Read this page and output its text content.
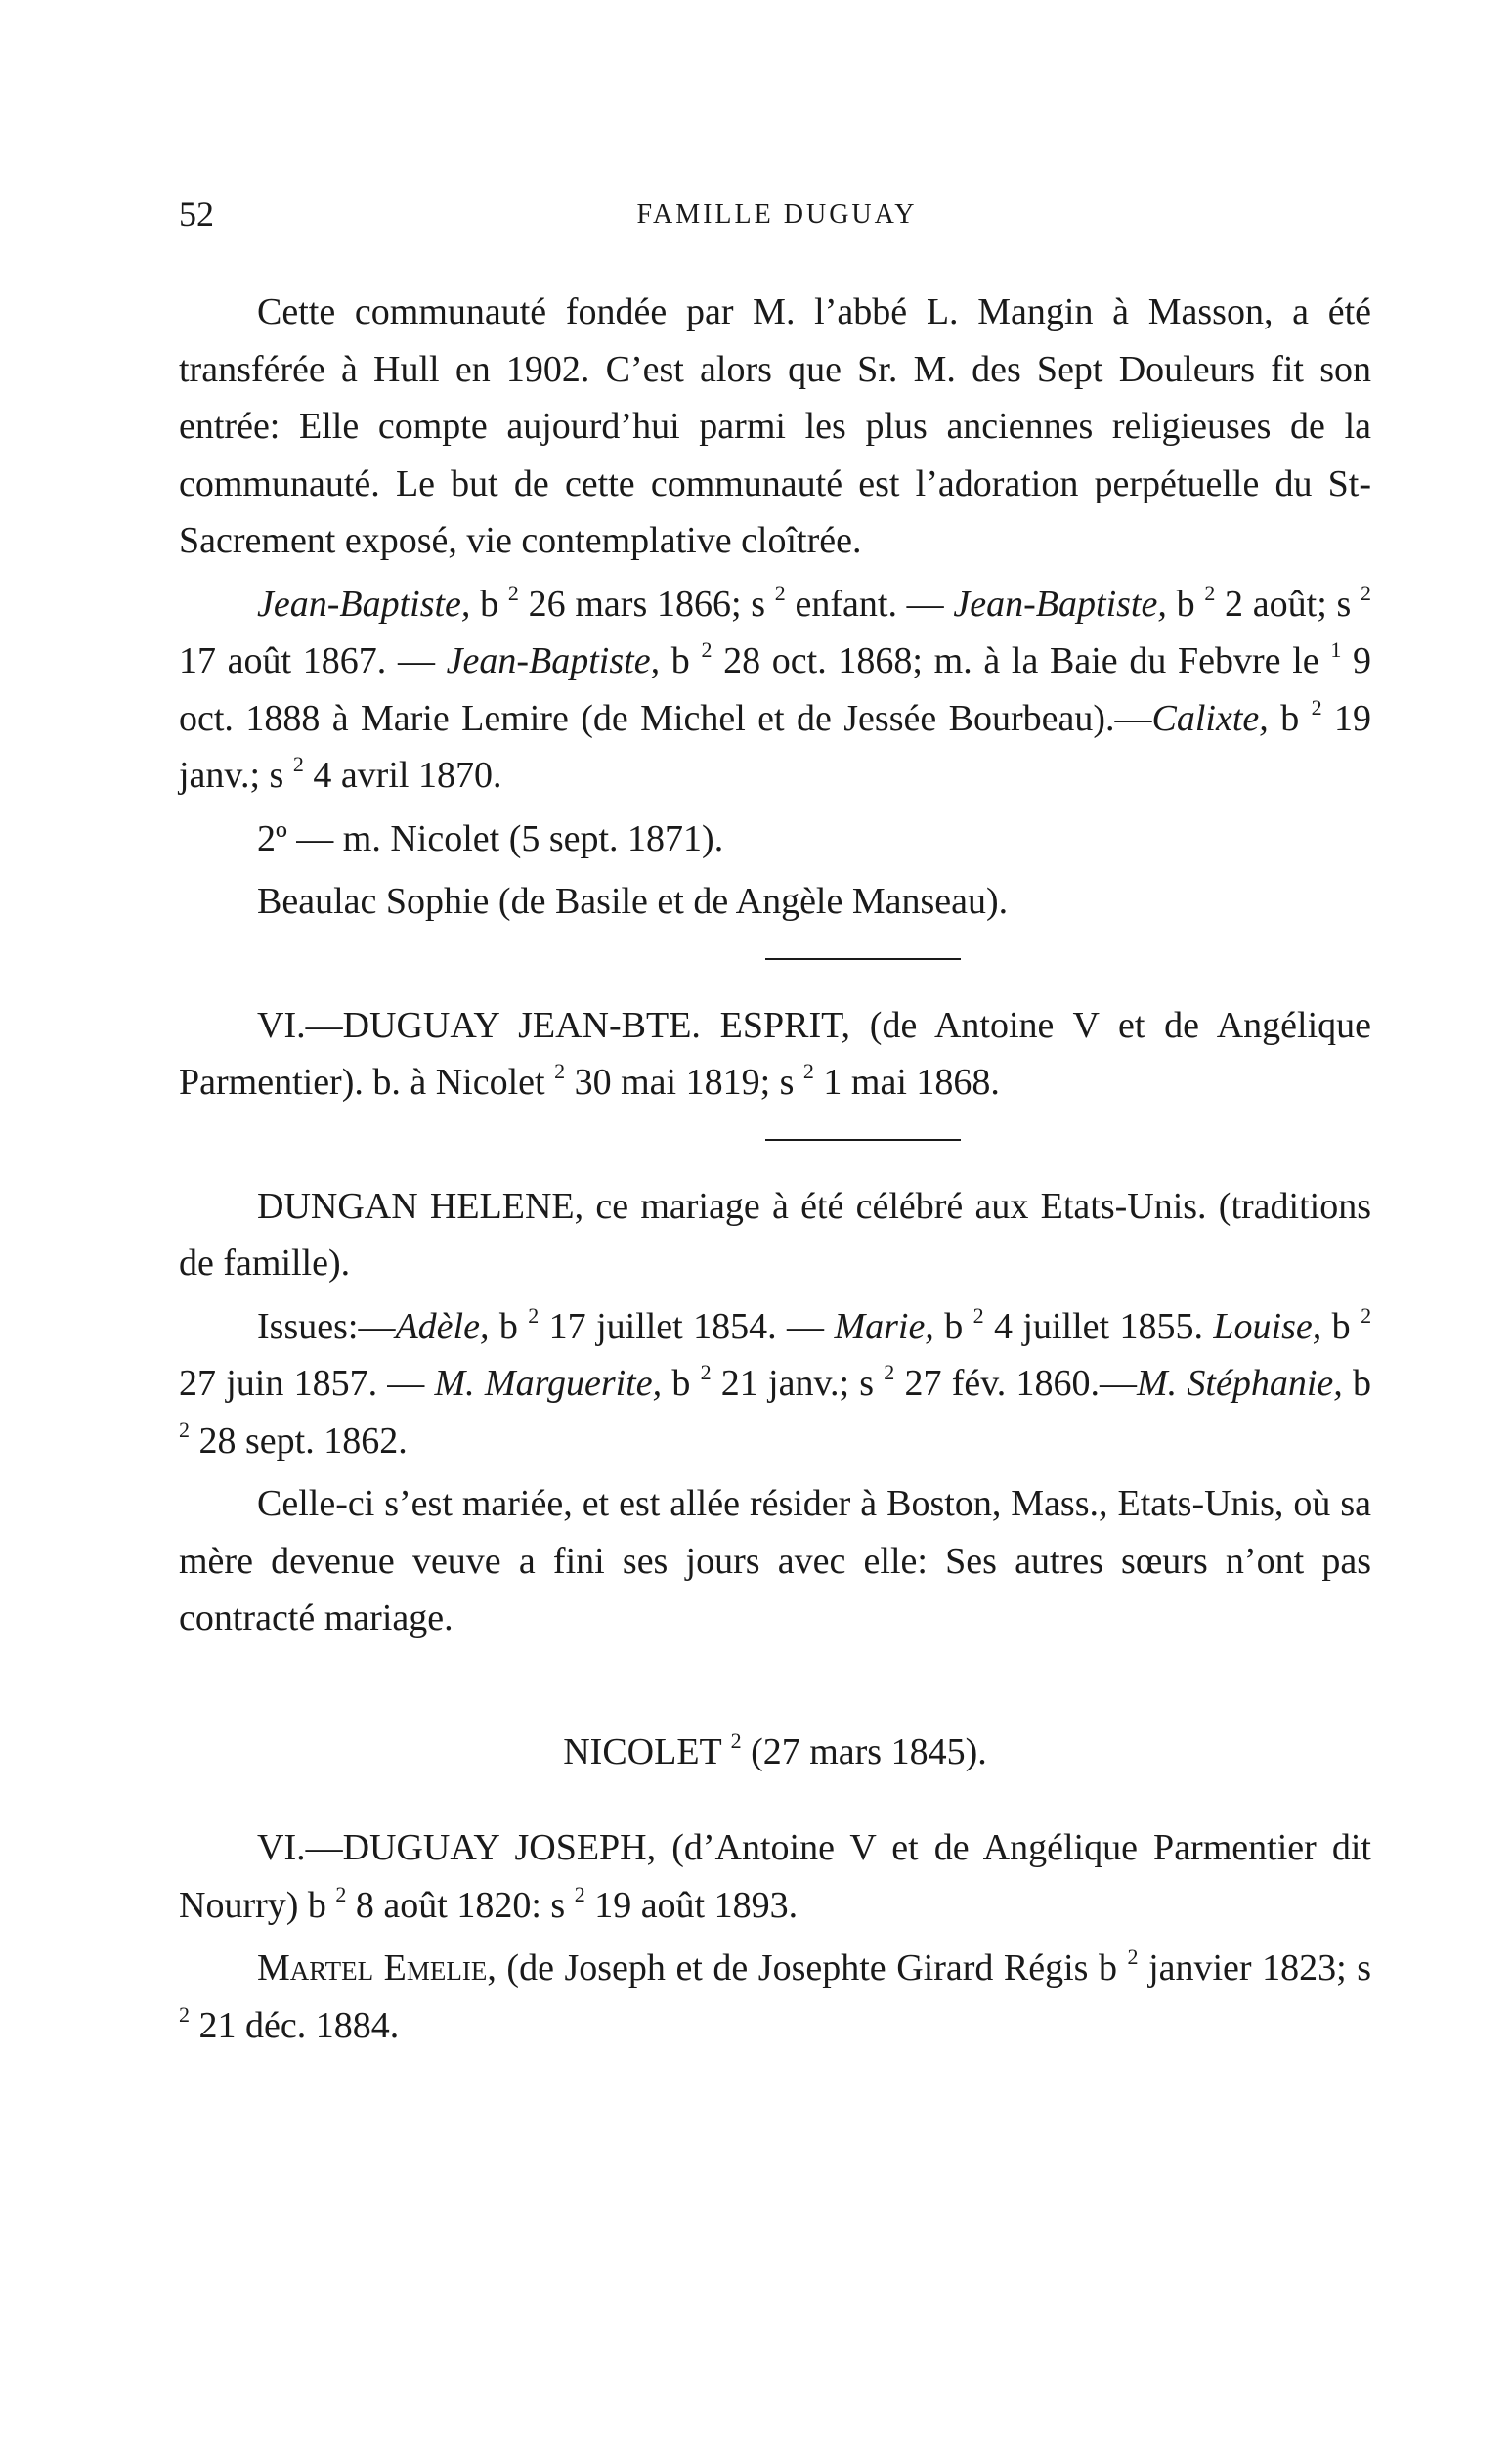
52	FAMILLE DUGUAY

Cette communauté fondée par M. l’abbé L. Mangin à Masson, a été transférée à Hull en 1902. C’est alors que Sr. M. des Sept Douleurs fit son entrée: Elle compte aujourd’hui parmi les plus anciennes religieuses de la communauté. Le but de cette communauté est l’adoration perpétuelle du St-Sacrement exposé, vie contemplative cloîtrée.

Jean-Baptiste, b $^2$ 26 mars 1866; s $^2$ enfant. — Jean-Baptiste, b $^2$ 2 août; s $^2$ 17 août 1867. — Jean-Baptiste, b $^2$ 28 oct. 1868; m. à la Baie du Febvre le $^1$ 9 oct. 1888 à Marie Lemire (de Michel et de Jessée Bourbeau).—Calixte, b $^2$ 19 janv.; s $^2$ 4 avril 1870.

2º — m. Nicolet (5 sept. 1871).

Beaulac Sophie (de Basile et de Angèle Manseau).

VI.—DUGUAY JEAN-BTE. ESPRIT, (de Antoine V et de Angélique Parmentier). b. à Nicolet $^2$ 30 mai 1819; s $^2$ 1 mai 1868.

DUNGAN HELENE, ce mariage à été célébré aux Etats-Unis. (traditions de famille).

Issues:—Adèle, b $^2$ 17 juillet 1854. — Marie, b $^2$ 4 juillet 1855. Louise, b $^2$ 27 juin 1857. — M. Marguerite, b $^2$ 21 janv.; s $^2$ 27 fév. 1860.—M. Stéphanie, b $^2$ 28 sept. 1862.

Celle-ci s’est mariée, et est allée résider à Boston, Mass., Etats-Unis, où sa mère devenue veuve a fini ses jours avec elle: Ses autres sœurs n’ont pas contracté mariage.

NICOLET $^2$ (27 mars 1845).

VI.—DUGUAY JOSEPH, (d’Antoine V et de Angélique Parmentier dit Nourry) b $^2$ 8 août 1820: s $^2$ 19 août 1893.

Martel Emelie, (de Joseph et de Josephte Girard Régis b $^2$ janvier 1823; s $^2$ 21 déc. 1884.
